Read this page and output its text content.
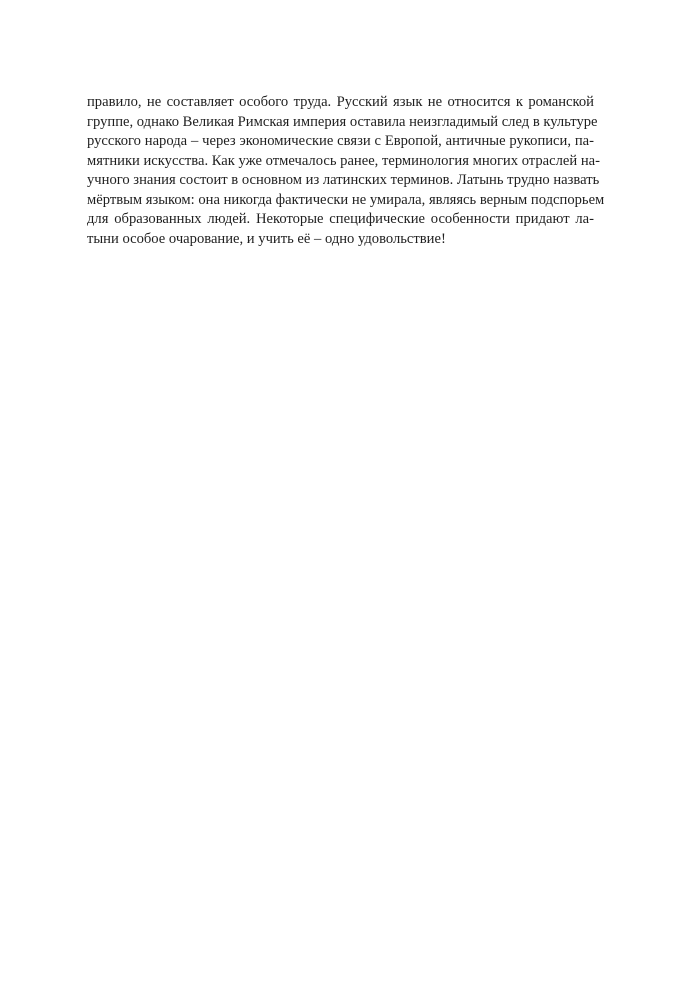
правило, не составляет особого труда. Русский язык не относится к романской
группе, однако Великая Римская империя оставила неизгладимый след в культуре
русского народа – через экономические связи с Европой, античные рукописи, па-
мятники искусства. Как уже отмечалось ранее, терминология многих отраслей на-
учного знания состоит в основном из латинских терминов. Латынь трудно назвать
мёртвым языком: она никогда фактически не умирала, являясь верным подспорьем
для образованных людей. Некоторые специфические особенности придают ла-
тыни особое очарование, и учить её – одно удовольствие!
